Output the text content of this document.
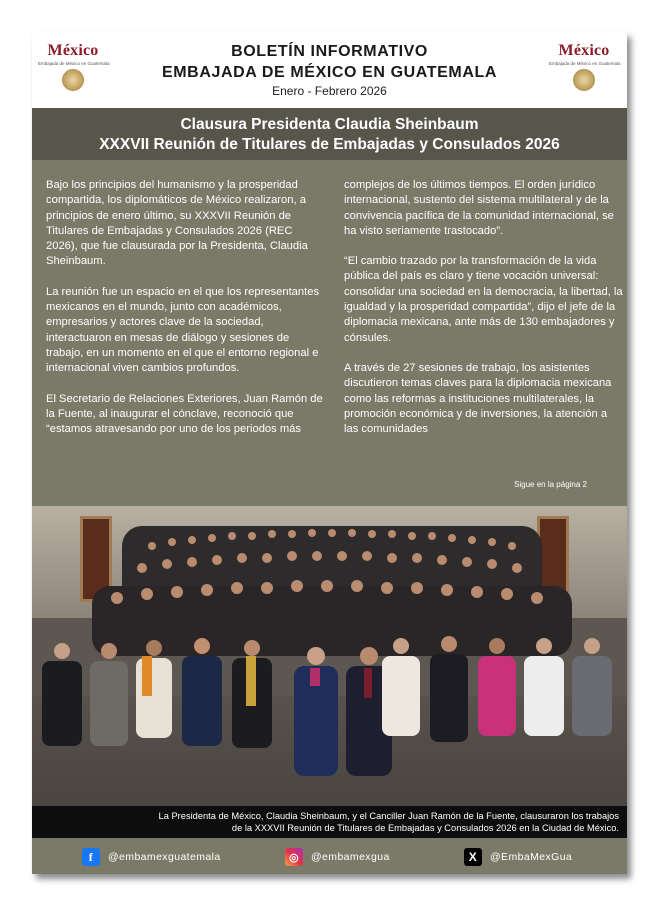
México
Embajada de México en Guatemala
BOLETÍN INFORMATIVO
EMBAJADA DE MÉXICO EN GUATEMALA
Enero - Febrero 2026
México
Embajada de México en Guatemala
Clausura Presidenta Claudia Sheinbaum
XXXVII Reunión de Titulares de Embajadas y Consulados 2026

Bajo los principios del humanismo y la prosperidad compartida, los diplomáticos de México realizaron, a principios de enero último, su XXXVII Reunión de Titulares de Embajadas y Consulados 2026 (REC 2026), que fue clausurada por la Presidenta, Claudia Sheinbaum.

La reunión fue un espacio en el que los representantes mexicanos en el mundo, junto con académicos, empresarios y actores clave de la sociedad, interactuaron en mesas de diálogo y sesiones de trabajo, en un momento en el que el entorno regional e internacional viven cambios profundos.

El Secretario de Relaciones Exteriores, Juan Ramón de la Fuente, al inaugurar el cónclave, reconoció que “estamos atravesando por uno de los periodos más

complejos de los últimos tiempos. El orden jurídico internacional, sustento del sistema multilateral y de la convivencia pacífica de la comunidad internacional, se ha visto seriamente trastocado”.

“El cambio trazado por la transformación de la vida pública del país es claro y tiene vocación universal: consolidar una sociedad en la democracia, la libertad, la igualdad y la prosperidad compartida”, dijo el jefe de la diplomacia mexicana, ante más de 130 embajadores y cónsules.

A través de 27 sesiones de trabajo, los asistentes discutieron temas claves para la diplomacia mexicana como las reformas a instituciones multilaterales, la promoción económica y de inversiones, la atención a las comunidades

Sigue en la página 2
La Presidenta de México, Claudia Sheinbaum, y el Canciller Juan Ramón de la Fuente, clausuraron los trabajos
de la XXXVII Reunión de Titulares de Embajadas y Consulados 2026 en la Ciudad de México.
f	@embamexguatemala	◎	@embamexgua	X	@EmbaMexGua
